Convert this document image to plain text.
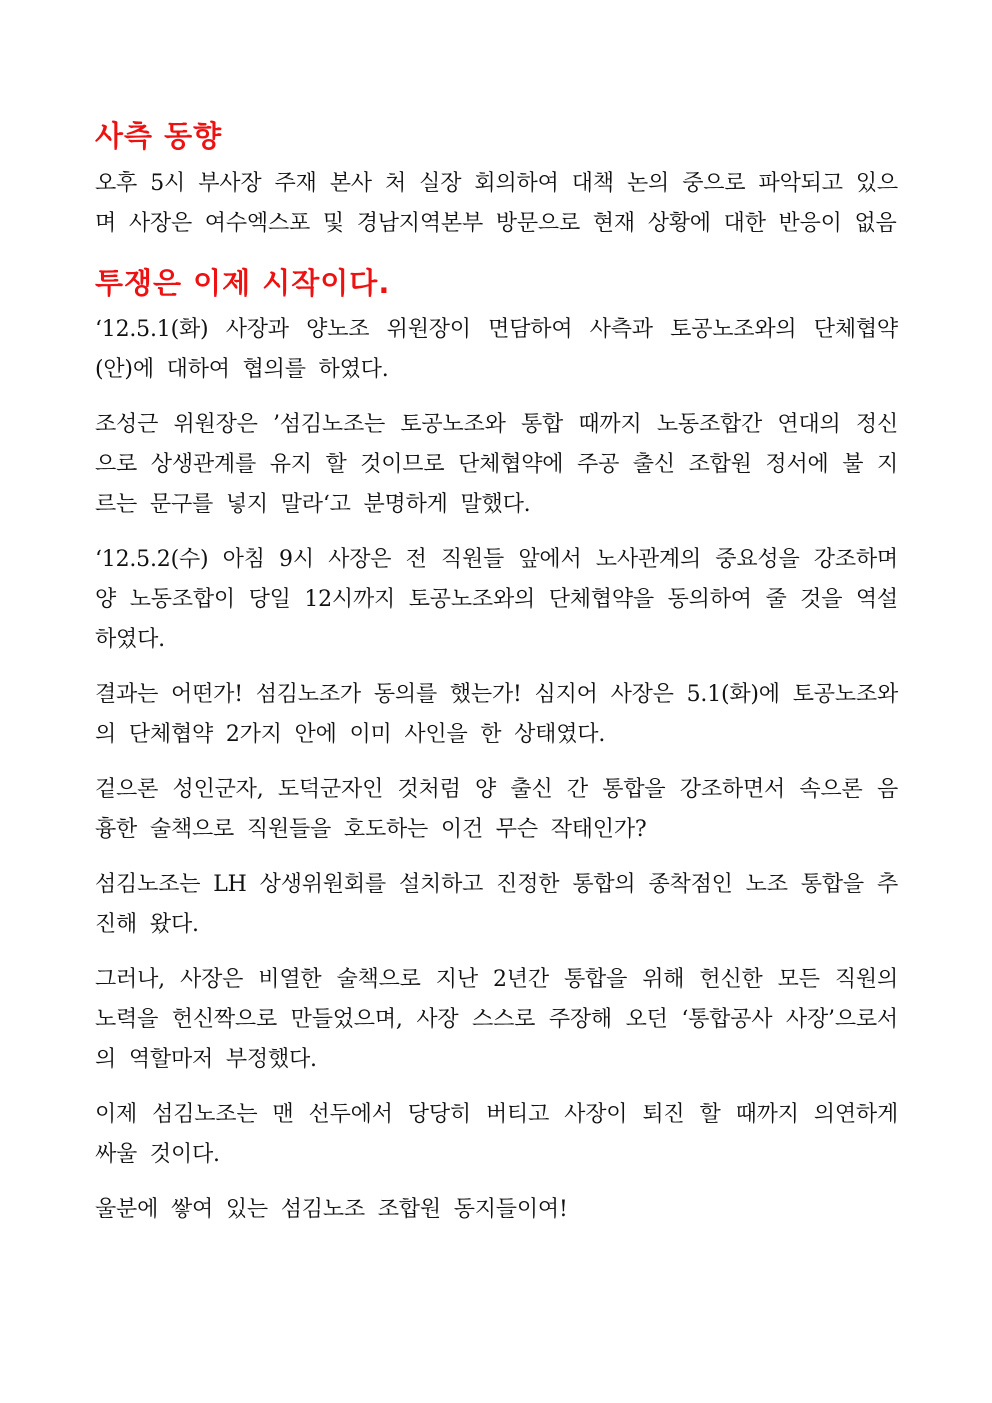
사측 동향

오후 5시 부사장 주재 본사 처 실장 회의하여 대책 논의 중으로 파악되고 있으며 사장은 여수엑스포 및 경남지역본부 방문으로 현재 상황에 대한 반응이 없음

투쟁은 이제 시작이다.

‘12.5.1(화) 사장과 양노조 위원장이 면담하여 사측과 토공노조와의 단체협약(안)에 대하여 협의를 하였다.

조성근 위원장은 ’섬김노조는 토공노조와 통합 때까지 노동조합간 연대의 정신으로 상생관계를 유지 할 것이므로 단체협약에 주공 출신 조합원 정서에 불 지르는 문구를 넣지 말라‘고 분명하게 말했다.

‘12.5.2(수) 아침 9시 사장은 전 직원들 앞에서 노사관계의 중요성을 강조하며 양 노동조합이 당일 12시까지 토공노조와의 단체협약을 동의하여 줄 것을 역설하였다.

결과는 어떤가! 섬김노조가 동의를 했는가! 심지어 사장은 5.1(화)에 토공노조와의 단체협약 2가지 안에 이미 사인을 한 상태였다.

겉으론 성인군자, 도덕군자인 것처럼 양 출신 간 통합을 강조하면서 속으론 음흉한 술책으로 직원들을 호도하는 이건 무슨 작태인가?

섬김노조는 LH 상생위원회를 설치하고 진정한 통합의 종착점인 노조 통합을 추진해 왔다.

그러나, 사장은 비열한 술책으로 지난 2년간 통합을 위해 헌신한 모든 직원의 노력을 헌신짝으로 만들었으며, 사장 스스로 주장해 오던 ‘통합공사 사장’으로서의 역할마저 부정했다.

이제 섬김노조는 맨 선두에서 당당히 버티고 사장이 퇴진 할 때까지 의연하게 싸울 것이다.

울분에 쌓여 있는 섬김노조 조합원 동지들이여!
